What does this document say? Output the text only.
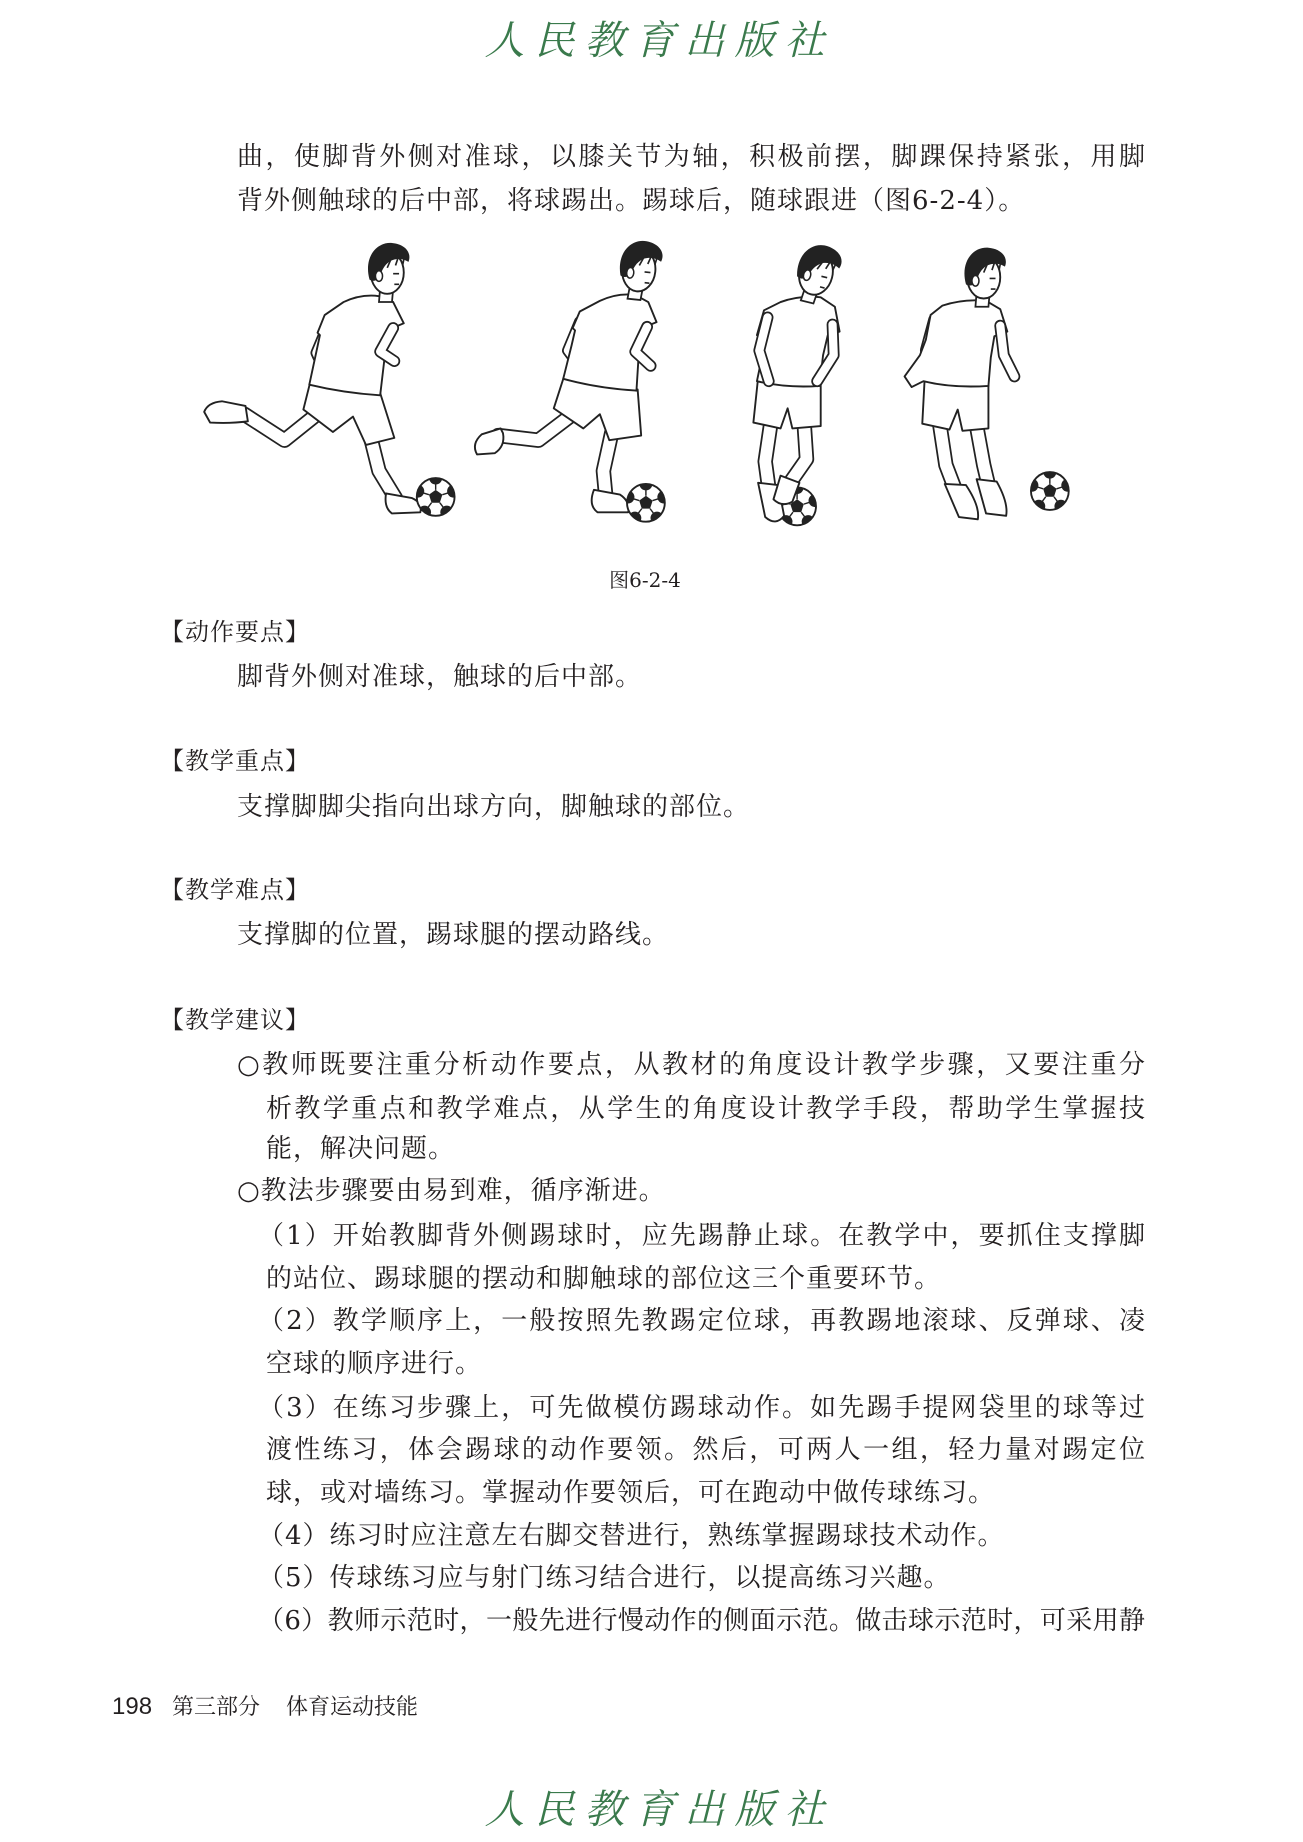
人民教育出版社
曲，使脚背外侧对准球，以膝关节为轴，积极前摆，脚踝保持紧张，用脚
背外侧触球的后中部，将球踢出。踢球后，随球跟进（图6-2-4）。
图6-2-4
【动作要点】
脚背外侧对准球，触球的后中部。
【教学重点】
支撑脚脚尖指向出球方向，脚触球的部位。
【教学难点】
支撑脚的位置，踢球腿的摆动路线。
【教学建议】
○教师既要注重分析动作要点，从教材的角度设计教学步骤，又要注重分
析教学重点和教学难点，从学生的角度设计教学手段，帮助学生掌握技
能，解决问题。
○教法步骤要由易到难，循序渐进。
（1）开始教脚背外侧踢球时，应先踢静止球。在教学中，要抓住支撑脚
的站位、踢球腿的摆动和脚触球的部位这三个重要环节。
（2）教学顺序上，一般按照先教踢定位球，再教踢地滚球、反弹球、凌
空球的顺序进行。
（3）在练习步骤上，可先做模仿踢球动作。如先踢手提网袋里的球等过
渡性练习，体会踢球的动作要领。然后，可两人一组，轻力量对踢定位
球，或对墙练习。掌握动作要领后，可在跑动中做传球练习。
（4）练习时应注意左右脚交替进行，熟练掌握踢球技术动作。
（5）传球练习应与射门练习结合进行，以提高练习兴趣。
（6）教师示范时，一般先进行慢动作的侧面示范。做击球示范时，可采用静
198 第三部分 体育运动技能
人民教育出版社
